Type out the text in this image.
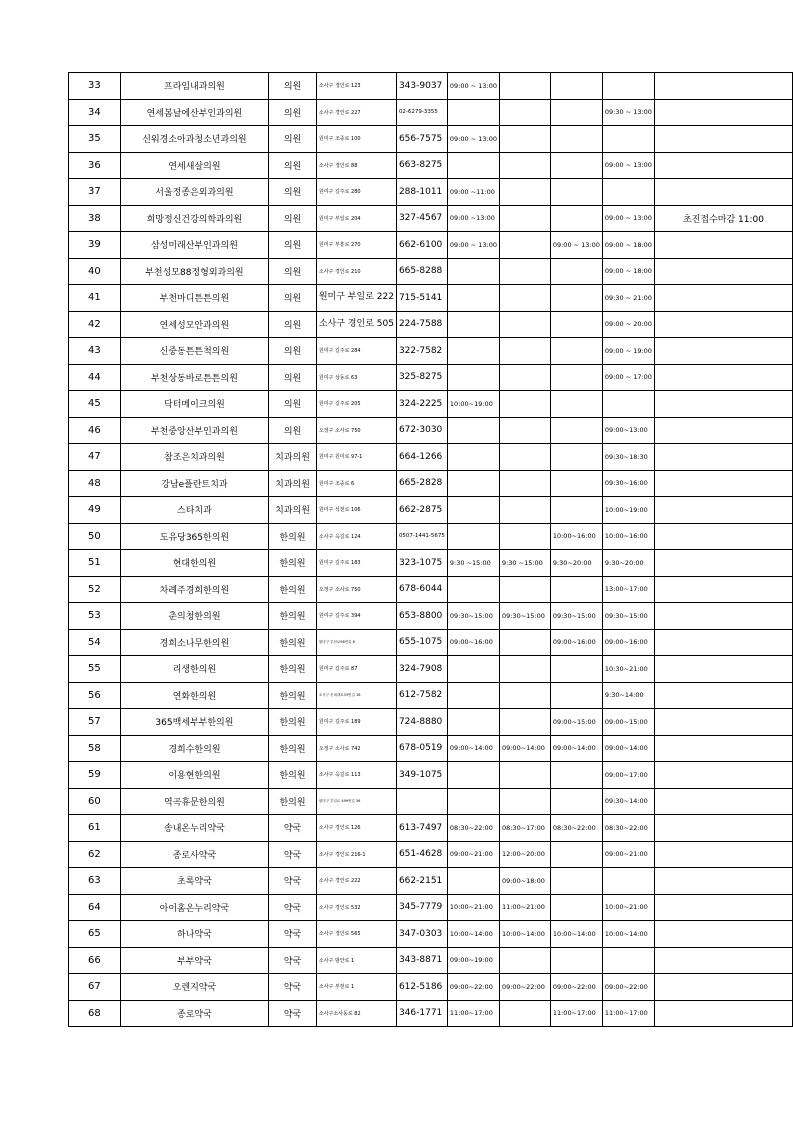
33	프라임내과의원	의원	소사구 경인로 123	343-9037	09:00 ~ 13:00				
34	연세봄날에산부인과의원	의원	소사구 경인로 227	02-6279-3355				09:30 ~ 13:00	
35	신워경소아과청소년과의원	의원	원미구 조종로 100	656-7575	09:00 ~ 13:00				
36	연세새살의원	의원	소사구 경인로 88	663-8275				09:00 ~ 13:00	
37	서울정종은외과의원	의원	원미구 길주로 280	288-1011	09:00 ~11:00				
38	희망정신건강의학과의원	의원	원미구 부일로 204	327-4567	09:00 ~13:00			09:00 ~ 13:00	초진접수마감 11:00
39	삼성미래산부인과의원	의원	원미구 부흥로 270	662-6100	09:00 ~ 13:00		09:00 ~ 13:00	09:00 ~ 18:00	
40	부천성모88정형외과의원	의원	소사구 경인로 210	665-8288				09:00 ~ 18:00	
41	부천마디튼튼의원	의원	원미구 부일로 222	715-5141				09:30 ~ 21:00	
42	연세성모안과의원	의원	소사구 경인로 505	224-7588				09:00 ~ 20:00	
43	신중동튼튼척의원	의원	원미구 길주로 284	322-7582				09:00 ~ 19:00	
44	부천상동바로튼튼의원	의원	원미구 상동로 63	325-8275				09:00 ~ 17:00	
45	닥터메이크의원	의원	원미구 길주로 205	324-2225	10:00~19:00				
46	부천중앙산부인과의원	의원	오정구 소사로 750	672-3030				09:00~13:00	
47	참조은치과의원	치과의원	원미구 원미로 97-1	664-1266				09:30~18:30	
48	강남e플란트치과	치과의원	원미구 조종로 6	665-2828				09:30~16:00	
49	스타치과	치과의원	원미구 석천로 106	662-2875				10:00~19:00	
50	도유당365한의원	한의원	소사구 옥길로 124	0507-1441-5675			10:00~16:00	10:00~16:00	
51	현대한의원	한의원	원미구 길주로 183	323-1075	9:30 ~15:00	9:30 ~15:00	9:30~20:00	9:30~20:00	
52	차례주경희한의원	한의원	오정구 소사로 750	678-6044				13:00~17:00	
53	춘의청한의원	한의원	원미구 길주로 394	653-8800	09:30~15:00	09:30~15:00	09:30~15:00	09:30~15:00	
54	경희소나무한의원	한의원	원미구 부천로98번길 8	655-1075	09:00~16:00		09:00~16:00	09:00~16:00	
55	리생한의원	한의원	원미구 길주로 87	324-7908				10:30~21:00	
56	연화한의원	한의원	소사구 송내대로33번길 18	612-7582				9:30~14:00	
57	365백세부부한의원	한의원	원미구 길주로 189	724-8880			09:00~15:00	09:00~15:00	
58	경희수한의원	한의원	오정구 소사로 742	678-0519	09:00~14:00	09:00~14:00	09:00~14:00	09:00~14:00	
59	이용현한의원	한의원	소사구 옥길로 113	349-1075				09:00~17:00	
60	역곡휴문한의원	한의원	원미구 부일로 499번길 36					09:30~14:00	
61	송내온누리약국	약국	소사구 경인로 126	613-7497	08:30~22:00	08:30~17:00	08:30~22:00	08:30~22:00	
62	종로사약국	약국	소사구 경인로 216-1	651-4628	09:00~21:00	12:00~20:00		09:00~21:00	
63	초록약국	약국	소사구 경인로 222	662-2151		09:00~18:00			
64	아이홈온누리약국	약국	소사구 경인로 532	345-7779	10:00~21:00	11:00~21:00		10:00~21:00	
65	하나약국	약국	소사구 경인로 565	347-0303	10:00~14:00	10:00~14:00	10:00~14:00	10:00~14:00	
66	부부약국	약국	소사구 범안로 1	343-8871	09:00~19:00				
67	오렌지약국	약국	소사구 부천로 1	612-5186	09:00~22:00	09:00~22:00	09:00~22:00	09:00~22:00	
68	종로약국	약국	소사구소사동로 82	346-1771	11:00~17:00		11:00~17:00	11:00~17:00	
